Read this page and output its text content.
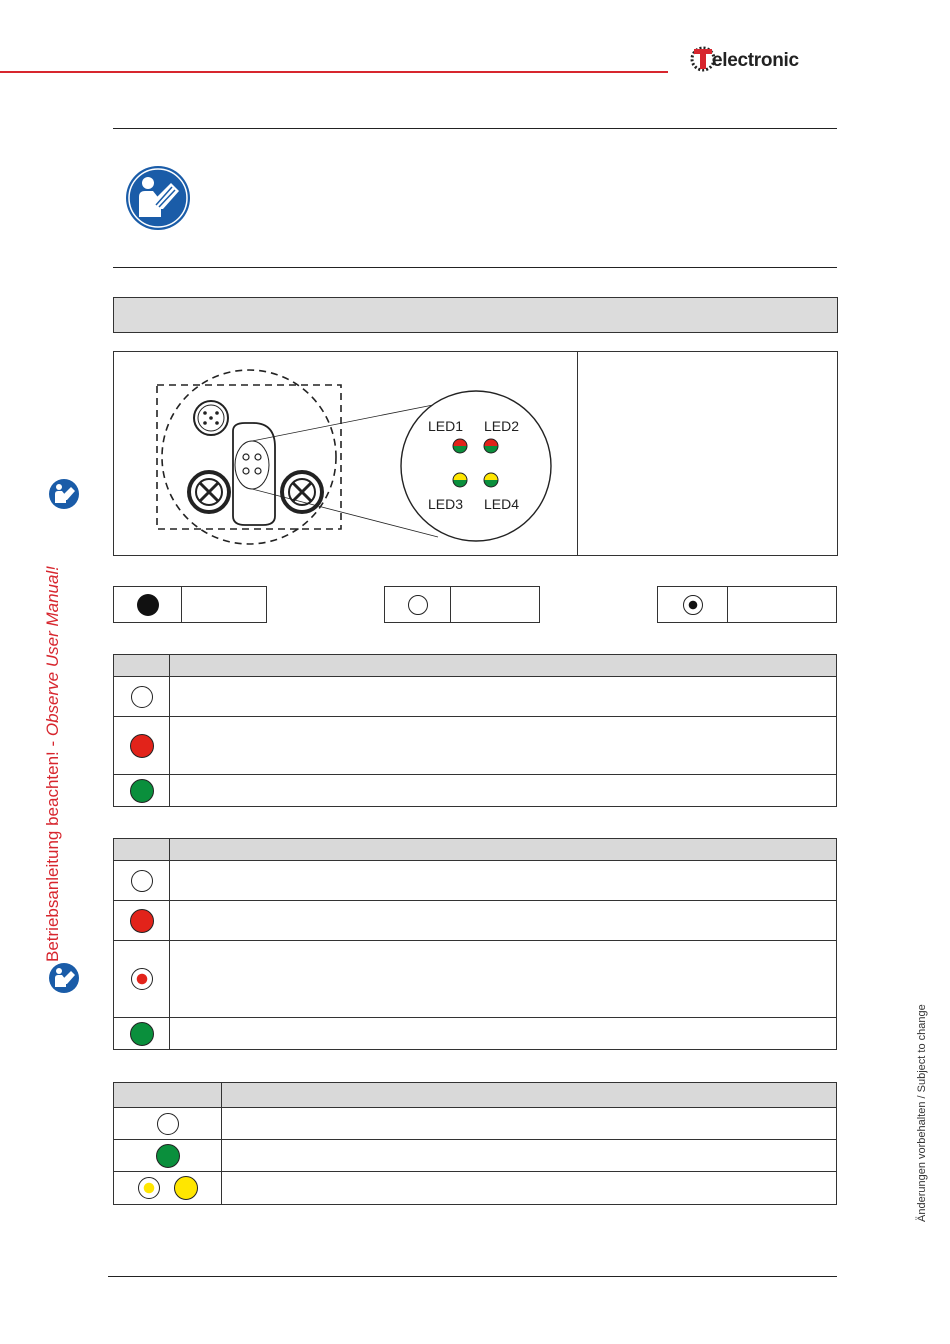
electronic
LED1 LED2
LED3 LED4

Betriebsanleitung beachten! - Observe User Manual!
Änderungen vorbehalten / Subject to change
